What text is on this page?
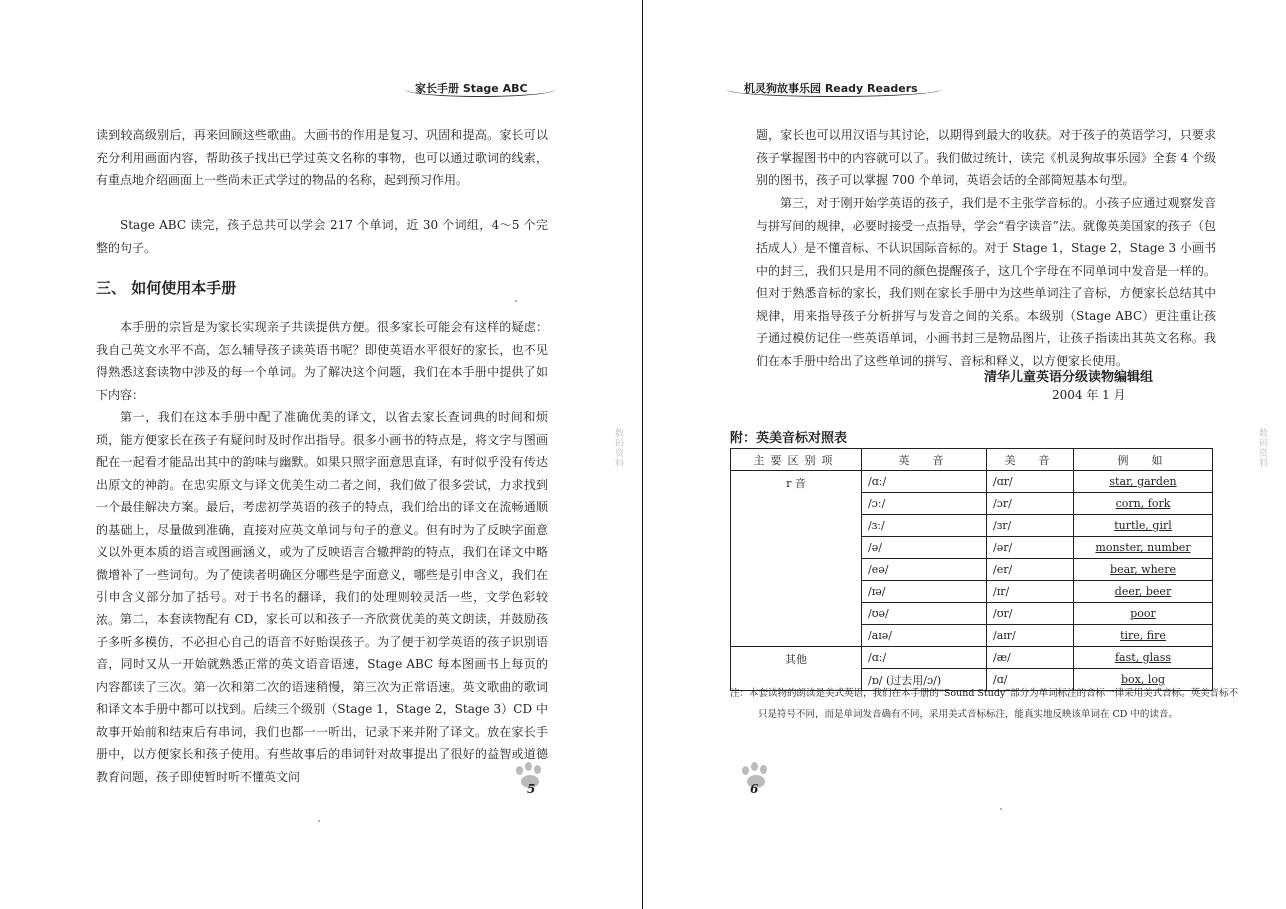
家长手册 Stage ABC

读到较高级别后，再来回顾这些歌曲。大画书的作用是复习、巩固和提高。家长可以充分利用画面内容，帮助孩子找出已学过英文名称的事物，也可以通过歌词的线索，有重点地介绍画面上一些尚未正式学过的物品的名称，起到预习作用。

Stage ABC 读完，孩子总共可以学会 217 个单词，近 30 个词组，4～5 个完整的句子。

三、 如何使用本手册

本手册的宗旨是为家长实现亲子共读提供方便。很多家长可能会有这样的疑虑：我自己英文水平不高，怎么辅导孩子读英语书呢？即使英语水平很好的家长，也不见得熟悉这套读物中涉及的每一个单词。为了解决这个问题，我们在本手册中提供了如下内容：

第一，我们在这本手册中配了准确优美的译文，以省去家长查词典的时间和烦琐，能方便家长在孩子有疑问时及时作出指导。很多小画书的特点是，将文字与图画配在一起看才能品出其中的韵味与幽默。如果只照字面意思直译，有时似乎没有传达出原文的神韵。在忠实原文与译文优美生动二者之间，我们做了很多尝试，力求找到一个最佳解决方案。最后，考虑初学英语的孩子的特点，我们给出的译文在流畅通顺的基础上，尽量做到准确，直接对应英文单词与句子的意义。但有时为了反映字面意义以外更本质的语言或图画涵义，或为了反映语言合辙押韵的特点，我们在译文中略微增补了一些词句。为了使读者明确区分哪些是字面意义，哪些是引申含义，我们在引申含义部分加了括号。对于书名的翻译，我们的处理则较灵活一些，文学色彩较浓。 第二，本套读物配有 CD，家长可以和孩子一齐欣赏优美的英文朗读，并鼓励孩子多听多模仿，不必担心自己的语音不好贻误孩子。为了便于初学英语的孩子识别语音，同时又从一开始就熟悉正常的英文语音语速，Stage ABC 每本图画书上每页的内容都读了三次。第一次和第二次的语速稍慢，第三次为正常语速。英文歌曲的歌词和译文本手册中都可以找到。后续三个级别（Stage 1，Stage 2，Stage 3）CD 中故事开始前和结束后有串词，我们也都一一听出，记录下来并附了译文。放在家长手册中，以方便家长和孩子使用。有些故事后的串词针对故事提出了很好的益智或道德教育问题，孩子即使暂时听不懂英文问

数码资料
5
机灵狗故事乐园 Ready Readers

题，家长也可以用汉语与其讨论，以期得到最大的收获。对于孩子的英语学习，只要求孩子掌握图书中的内容就可以了。我们做过统计，读完《机灵狗故事乐园》全套 4 个级别的图书，孩子可以掌握 700 个单词，英语会话的全部简短基本句型。

第三，对于刚开始学英语的孩子，我们是不主张学音标的。小孩子应通过观察发音与拼写间的规律，必要时接受一点指导，学会“看字读音”法。就像英美国家的孩子（包括成人）是不懂音标、不认识国际音标的。对于 Stage 1，Stage 2，Stage 3 小画书中的封三，我们只是用不同的颜色提醒孩子，这几个字母在不同单词中发音是一样的。但对于熟悉音标的家长，我们则在家长手册中为这些单词注了音标，方便家长总结其中规律，用来指导孩子分析拼写与发音之间的关系。本级别（Stage ABC）更注重让孩子通过模仿记住一些英语单词，小画书封三是物品图片，让孩子指读出其英文名称。我们在本手册中给出了这些单词的拼写、音标和释义，以方便家长使用。

清华儿童英语分级读物编辑组
2004 年 1 月
附：英美音标对照表	数码资料

注：本套读物的朗读是美式英语，我们在本手册的“Sound Study”部分为单词标注的音标一律采用美式音标。英美音标不只是符号不同，而是单词发音确有不同，采用美式音标标注，能真实地反映该单词在 CD 中的读音。

6
主要区别项	英　音	美　音	例　如
r 音	/ɑː/	/ɑr/	star, garden
	/ɔː/	/ɔr/	corn, fork
	/ɜː/	/ɜr/	turtle, girl
	/ə/	/ər/	monster, number
	/eə/	/er/	bear, where
	/ɪə/	/ɪr/	deer, beer
	/ʊə/	/ʊr/	poor
	/aɪə/	/aɪr/	tire, fire
其他	/ɑː/	/æ/	fast, glass
	/ɒ/ (过去用/ɔ/)	/ɑ/	box, log
